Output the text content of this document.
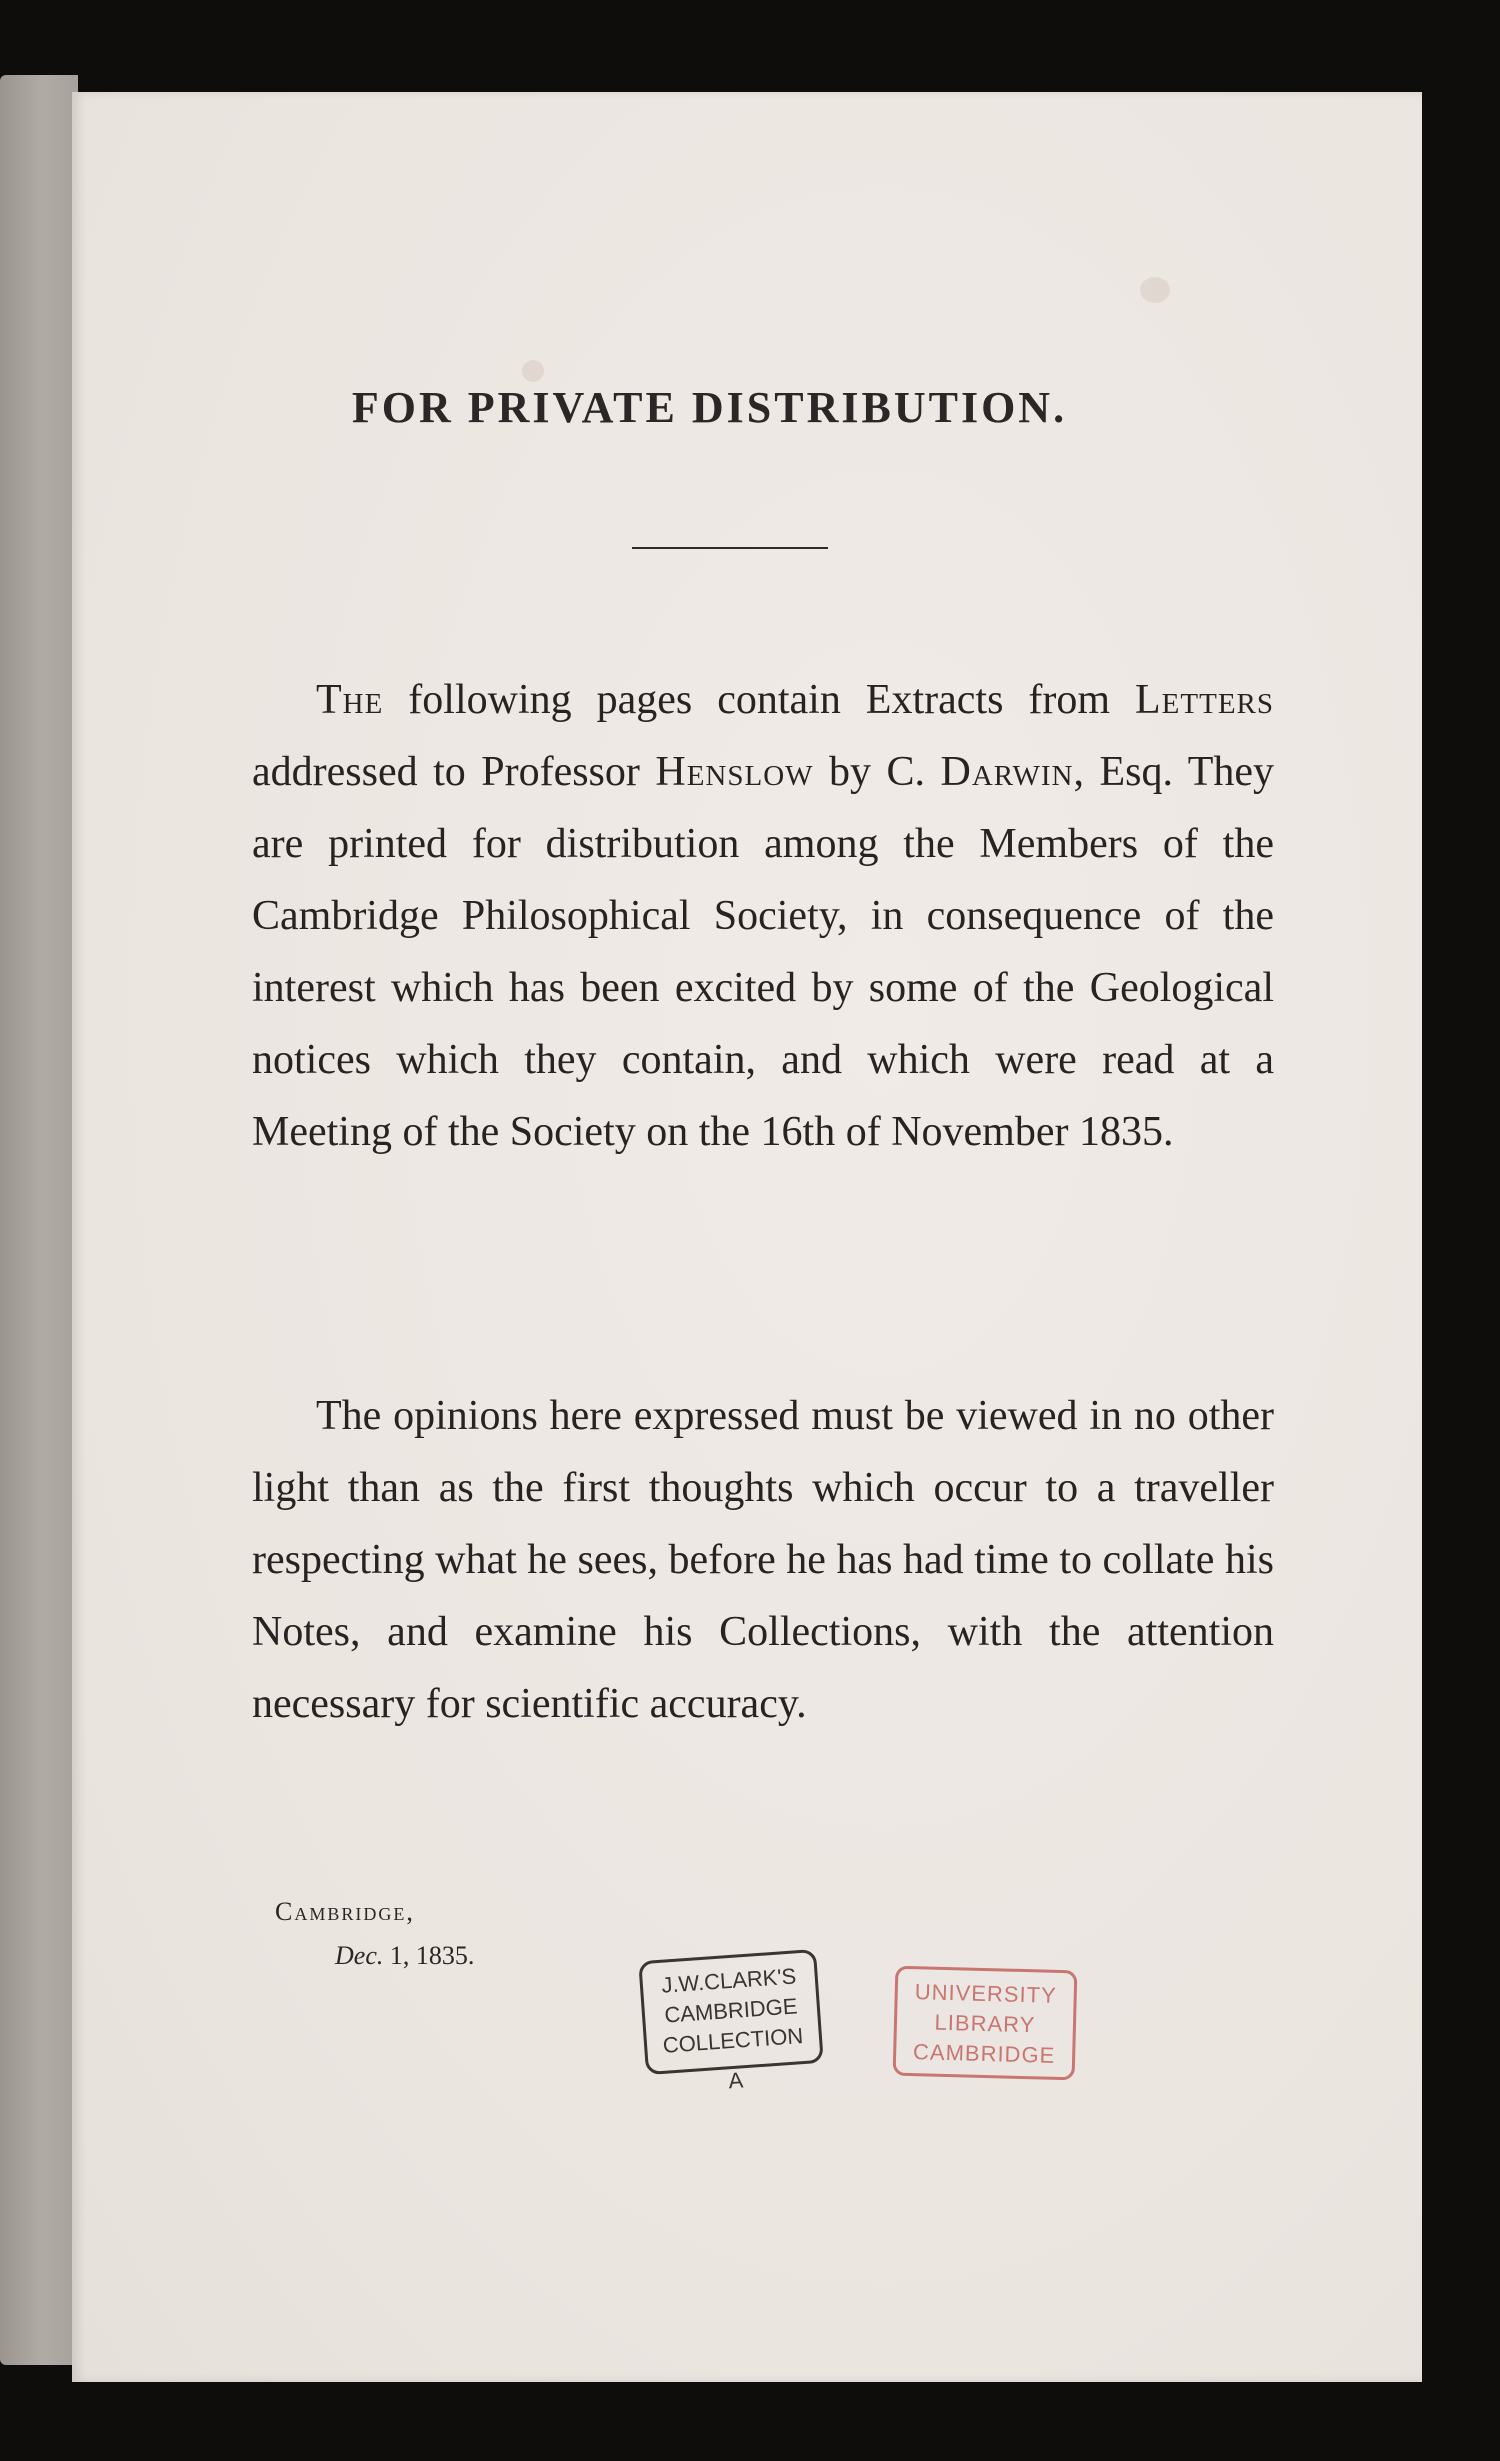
FOR PRIVATE DISTRIBUTION.

The following pages contain Extracts from Letters addressed to Professor Henslow by C. Darwin, Esq. They are printed for distribution among the Members of the Cambridge Philosophical Society, in consequence of the interest which has been excited by some of the Geological notices which they contain, and which were read at a Meeting of the Society on the 16th of November 1835.

The opinions here expressed must be viewed in no other light than as the first thoughts which occur to a traveller respecting what he sees, before he has had time to collate his Notes, and examine his Collections, with the attention necessary for scientific accuracy.

Cambridge,
Dec. 1, 1835.
J.W.CLARK'S
CAMBRIDGE
COLLECTION
A
UNIVERSITY
LIBRARY
CAMBRIDGE
